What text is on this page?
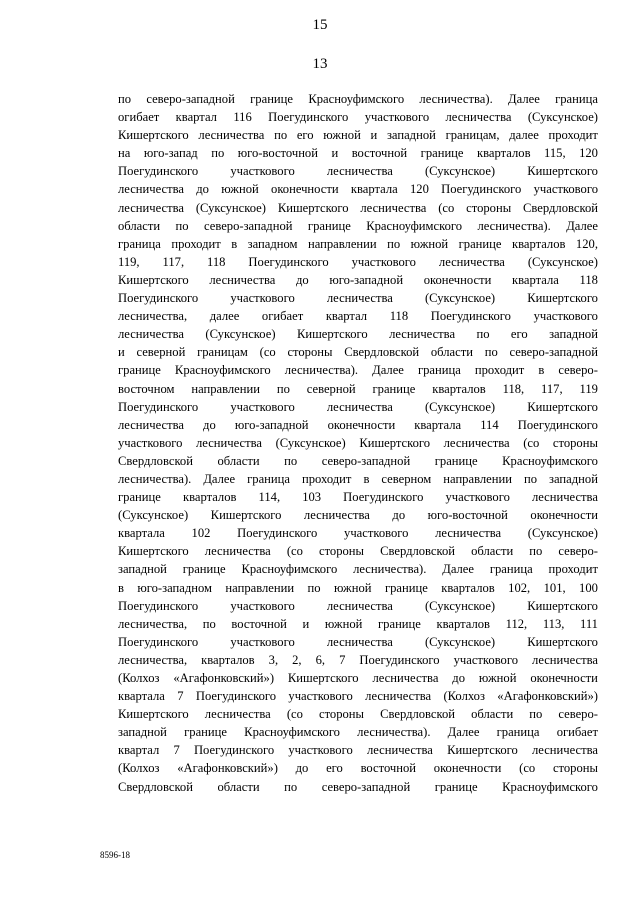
15
13
по северо-западной границе Красноуфимского лесничества). Далее граница
огибает квартал 116 Поегудинского участкового лесничества (Суксунское)
Кишертского лесничества по его южной и западной границам, далее проходит
на юго-запад по юго-восточной и восточной границе кварталов 115, 120
Поегудинского	участкового	лесничества	(Суксунское)	Кишертского
лесничества до южной оконечности квартала 120 Поегудинского участкового
лесничества (Суксунское) Кишертского лесничества (со стороны Свердловской
области по северо-западной границе Красноуфимского лесничества). Далее
граница проходит в западном направлении по южной границе кварталов 120,
119, 117, 118 Поегудинского участкового лесничества (Суксунское)
Кишертского лесничества до юго-западной оконечности квартала 118
Поегудинского	участкового	лесничества	(Суксунское)	Кишертского
лесничества, далее огибает квартал 118 Поегудинского участкового
лесничества (Суксунское) Кишертского лесничества по его западной
и северной границам (со стороны Свердловской области по северо-западной
границе Красноуфимского лесничества). Далее граница проходит в северо-
восточном направлении по северной границе кварталов 118, 117, 119
Поегудинского	участкового	лесничества	(Суксунское)	Кишертского
лесничества до юго-западной оконечности квартала 114 Поегудинского
участкового лесничества (Суксунское) Кишертского лесничества (со стороны
Свердловской области по северо-западной границе Красноуфимского
лесничества). Далее граница проходит в северном направлении по западной
границе кварталов 114, 103 Поегудинского участкового лесничества
(Суксунское) Кишертского лесничества до юго-восточной оконечности
квартала 102 Поегудинского участкового лесничества (Суксунское)
Кишертского лесничества (со стороны Свердловской области по северо-
западной границе Красноуфимского лесничества). Далее граница проходит
в юго-западном направлении по южной границе кварталов 102, 101, 100
Поегудинского	участкового	лесничества	(Суксунское)	Кишертского
лесничества, по восточной и южной границе кварталов 112, 113, 111
Поегудинского	участкового	лесничества	(Суксунское)	Кишертского
лесничества, кварталов 3, 2, 6, 7 Поегудинского участкового лесничества
(Колхоз «Агафонковский») Кишертского лесничества до южной оконечности
квартала 7 Поегудинского участкового лесничества (Колхоз «Агафонковский»)
Кишертского лесничества (со стороны Свердловской области по северо-
западной границе Красноуфимского лесничества). Далее граница огибает
квартал 7 Поегудинского участкового лесничества Кишертского лесничества
(Колхоз «Агафонковский») до его восточной оконечности (со стороны
Свердловской области по северо-западной границе Красноуфимского
8596-18
